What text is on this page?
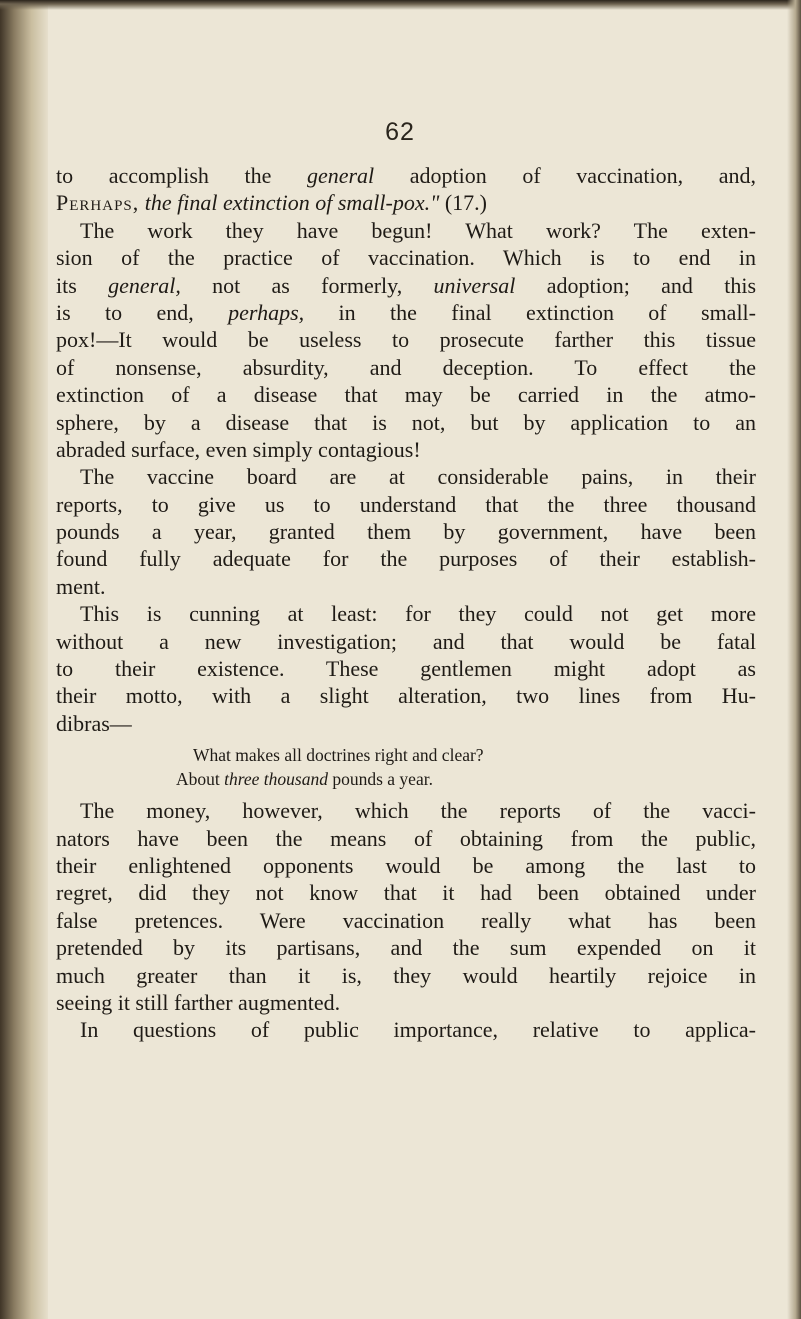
62
to accomplish the general adoption of vaccination, and,
Perhaps, the final extinction of small-pox." (17.)
The work they have begun! What work? The exten-
sion of the practice of vaccination. Which is to end in
its general, not as formerly, universal adoption; and this
is to end, perhaps, in the final extinction of small-
pox!—It would be useless to prosecute farther this tissue
of nonsense, absurdity, and deception. To effect the
extinction of a disease that may be carried in the atmo-
sphere, by a disease that is not, but by application to an
abraded surface, even simply contagious!
The vaccine board are at considerable pains, in their
reports, to give us to understand that the three thousand
pounds a year, granted them by government, have been
found fully adequate for the purposes of their establish-
ment.
This is cunning at least: for they could not get more
without a new investigation; and that would be fatal
to their existence. These gentlemen might adopt as
their motto, with a slight alteration, two lines from Hu-
dibras—
What makes all doctrines right and clear?
About three thousand pounds a year.
The money, however, which the reports of the vacci-
nators have been the means of obtaining from the public,
their enlightened opponents would be among the last to
regret, did they not know that it had been obtained under
false pretences. Were vaccination really what has been
pretended by its partisans, and the sum expended on it
much greater than it is, they would heartily rejoice in
seeing it still farther augmented.
In questions of public importance, relative to applica-
